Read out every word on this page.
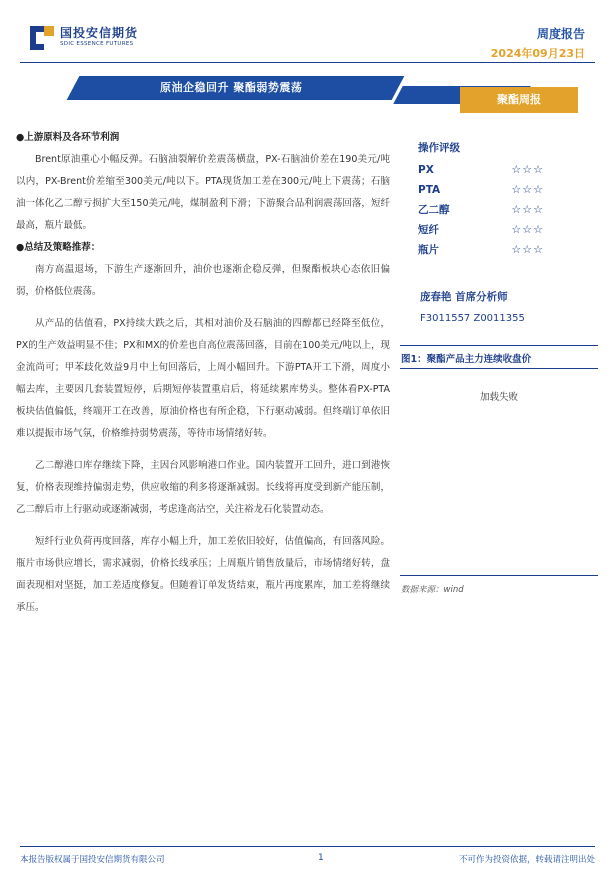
国投安信期货
SDIC ESSENCE FUTURES
周度报告
2024年09月23日
原油企稳回升 聚酯弱势震荡
聚酯周报
●上游原料及各环节利润
Brent原油重心小幅反弹。石脑油裂解价差震荡横盘，PX-石脑油价差在190美元/吨以内，PX-Brent价差缩至300美元/吨以下。PTA现货加工差在300元/吨上下震荡；石脑油一体化乙二醇亏损扩大至150美元/吨，煤制盈利下滑；下游聚合品利润震荡回落，短纤最高，瓶片最低。
●总结及策略推荐：
南方高温退场，下游生产逐渐回升，油价也逐渐企稳反弹，但聚酯板块心态依旧偏弱，价格低位震荡。
从产品的估值看，PX持续大跌之后，其相对油价及石脑油的四醇都已经降至低位，PX的生产效益明显不佳；PX和MX的价差也自高位震荡回落，目前在100美元/吨以上，现金流尚可；甲苯歧化效益9月中上旬回落后，上周小幅回升。下游PTA开工下滑，周度小幅去库，主要因几套装置短停，后期短停装置重启后，将延续累库势头。整体看PX-PTA板块估值偏低，终端开工在改善，原油价格也有所企稳，下行驱动减弱。但终端订单依旧难以提振市场气氛，价格维持弱势震荡，等待市场情绪好转。
乙二醇港口库存继续下降，主因台风影响港口作业。国内装置开工回升，进口到港恢复，价格表现维持偏弱走势，供应收缩的利多将逐渐减弱。长线将再度受到新产能压制，乙二醇后市上行驱动或逐渐减弱，考虑逢高沽空，关注裕龙石化装置动态。
短纤行业负荷再度回落，库存小幅上升，加工差依旧较好，估值偏高，有回落风险。瓶片市场供应增长，需求减弱，价格长线承压；上周瓶片销售放量后，市场情绪好转，盘面表现相对坚挺，加工差适度修复。但随着订单发货结束，瓶片再度累库，加工差将继续承压。
操作评级
PX	☆☆☆
PTA	☆☆☆
乙二醇	☆☆☆
短纤	☆☆☆
瓶片	☆☆☆
庞春艳 首席分析师
F3011557 Z0011355
图1：聚酯产品主力连续收盘价
加载失败
数据来源：wind
本报告版权属于国投安信期货有限公司	1	不可作为投资依据，转载请注明出处
